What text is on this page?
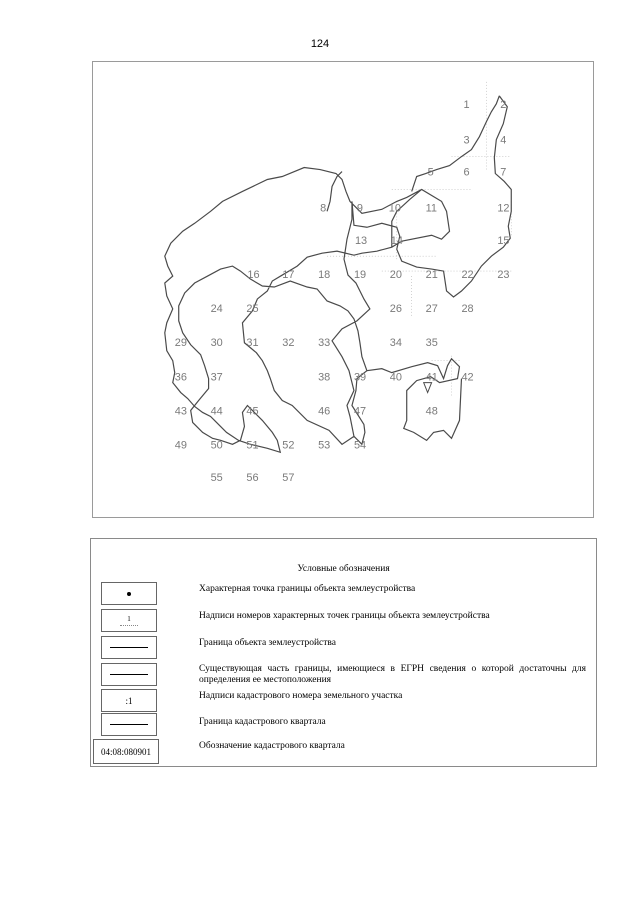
124
1	2
3	4
5	6	7
8	9 10 11	12
13 14	15
16 17 18 19 20 21 22 23
24 25	26 27 28
29 30 31 32 33	34 35
36 37	38 39 40 41 42
43 44 45	46 47	48
49 50 51 52 53 54
55 56 57
Условные обозначения
Характерная точка границы объекта землеустройства
1	Надписи номеров характерных точек границы объекта землеустройства
Граница объекта землеустройства
Существующая часть границы, имеющиеся в ЕГРН сведения о которой достаточны для определения ее местоположения
:1	Надписи кадастрового номера земельного участка
Граница кадастрового квартала
04:08:080901
Обозначение кадастрового квартала
